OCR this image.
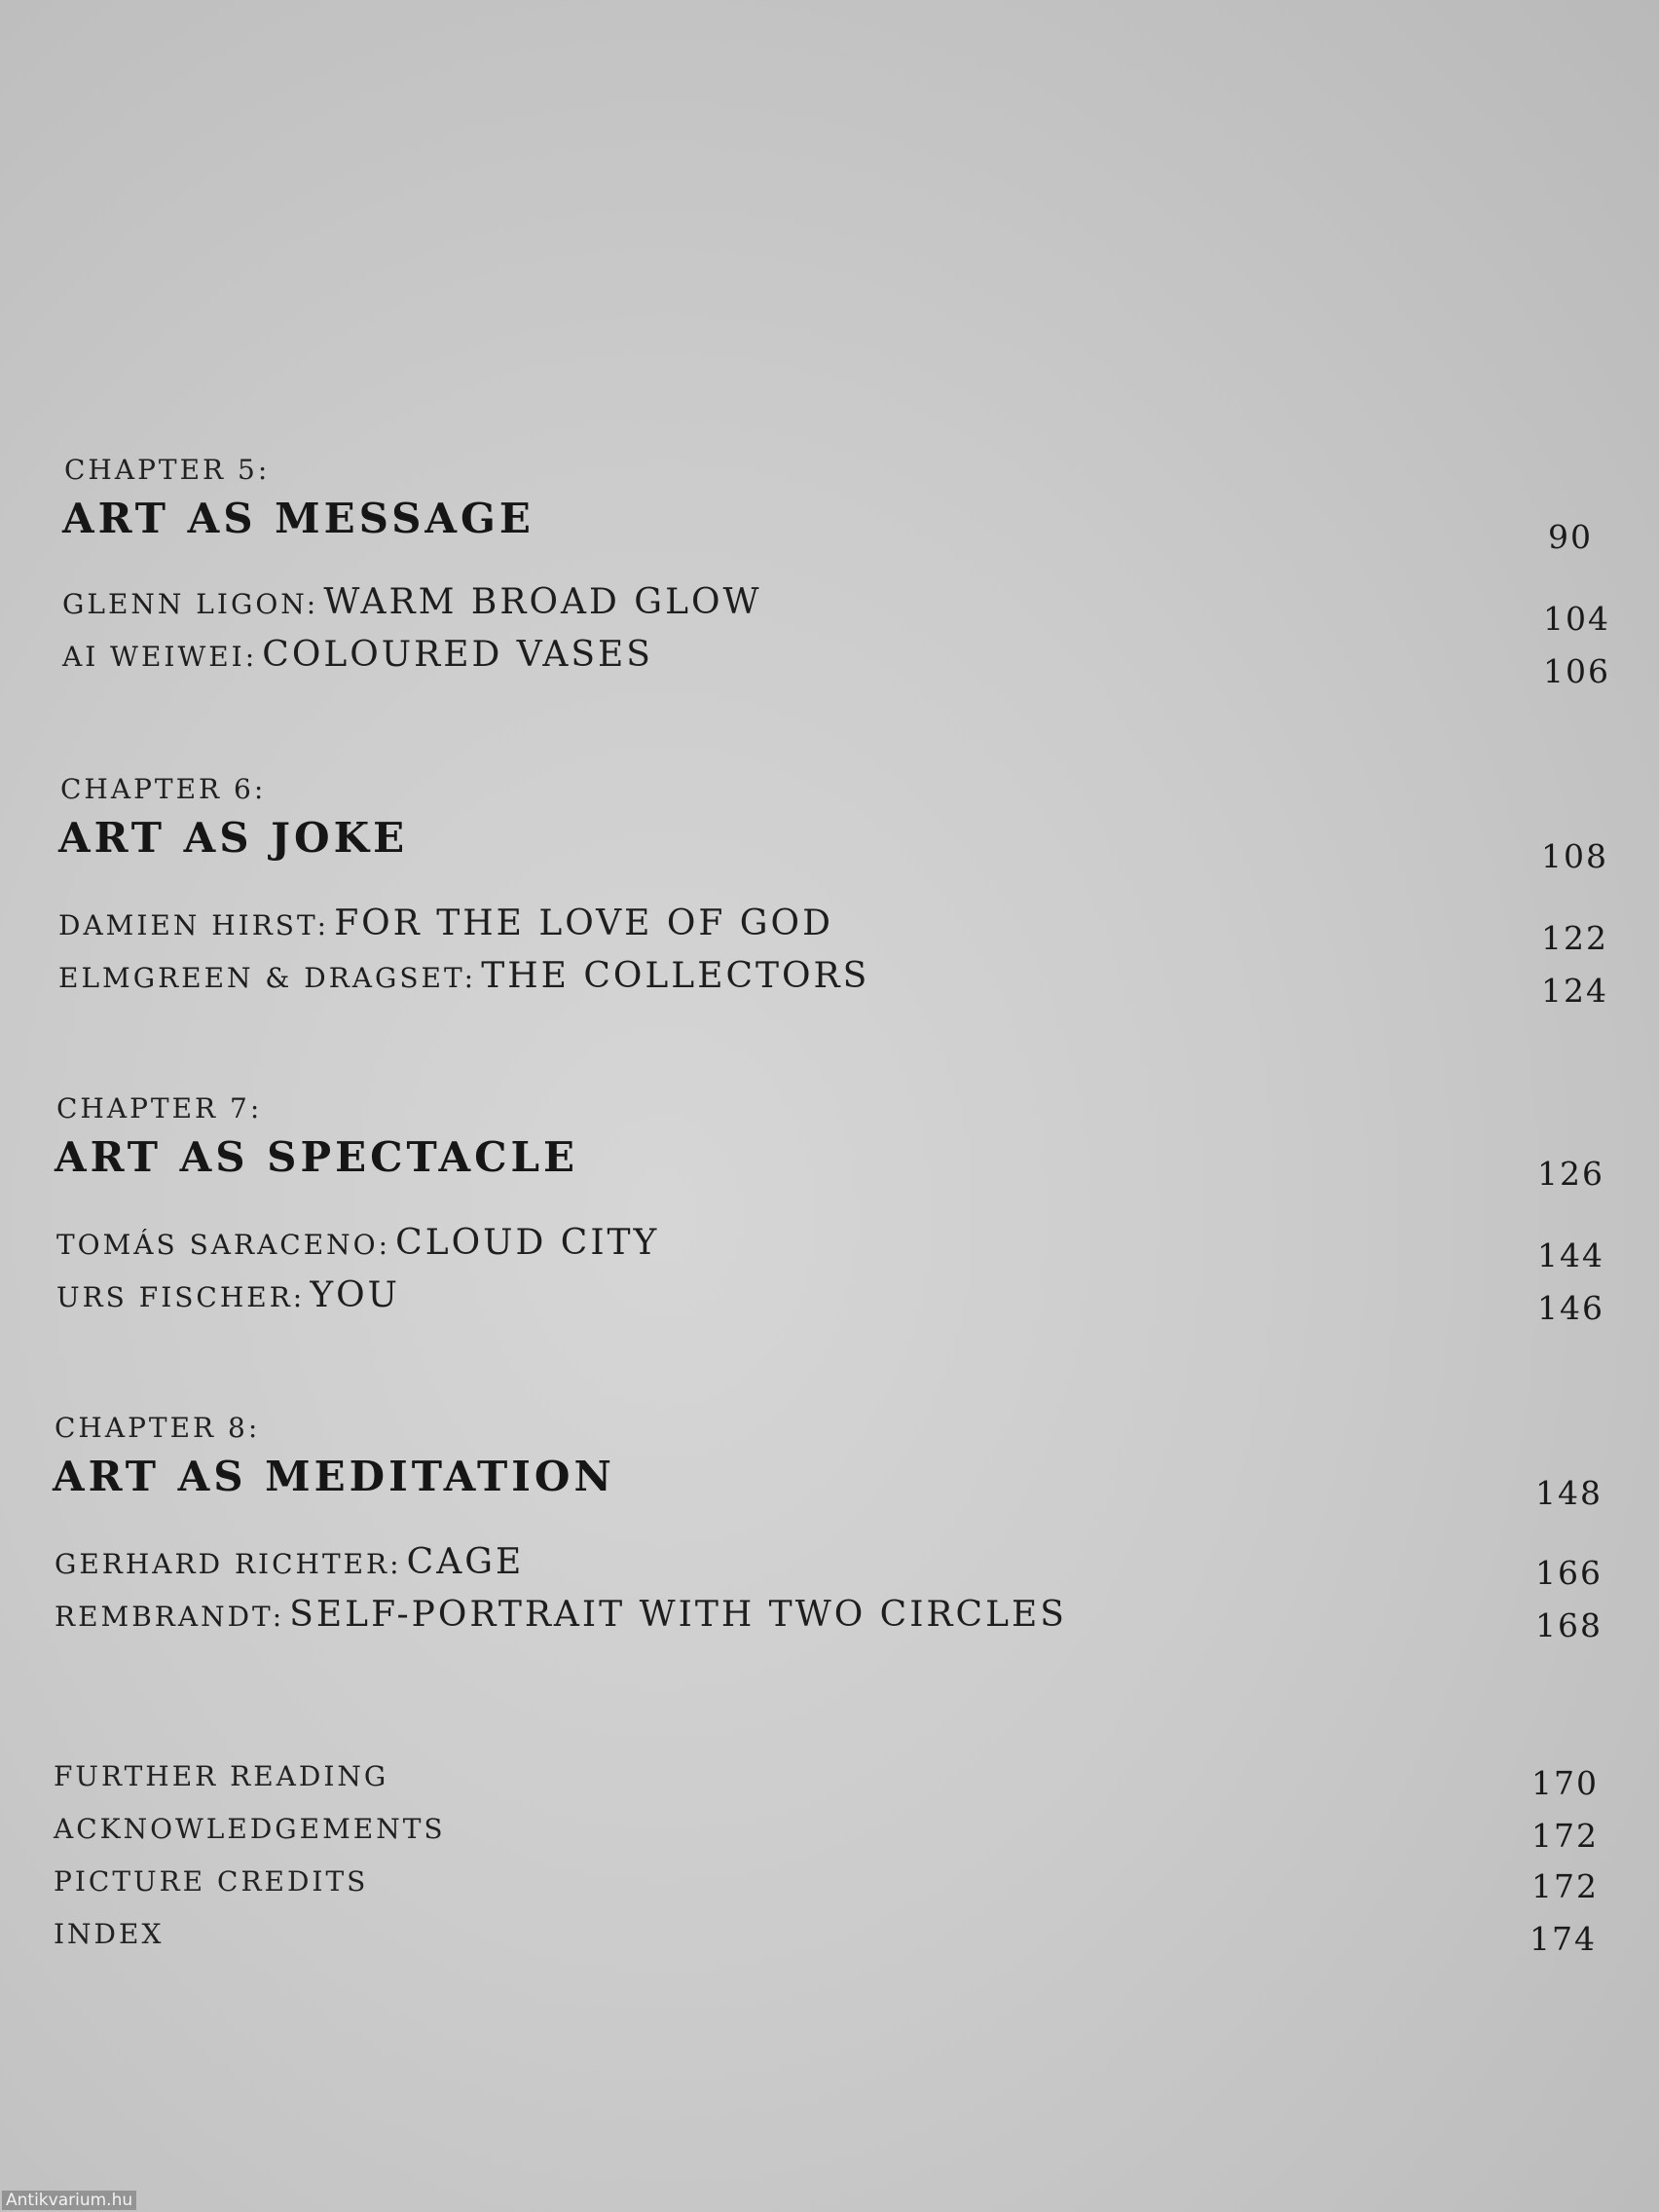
CHAPTER 5:
ART AS MESSAGE	90
GLENN LIGON: WARM BROAD GLOW	104
AI WEIWEI: COLOURED VASES	106
CHAPTER 6:
ART AS JOKE	108
DAMIEN HIRST: FOR THE LOVE OF GOD	122
ELMGREEN & DRAGSET: THE COLLECTORS	124
CHAPTER 7:
ART AS SPECTACLE	126
TOMÁS SARACENO: CLOUD CITY	144
URS FISCHER: YOU	146
CHAPTER 8:
ART AS MEDITATION	148
GERHARD RICHTER: CAGE	166
REMBRANDT: SELF-PORTRAIT WITH TWO CIRCLES	168
FURTHER READING	170
ACKNOWLEDGEMENTS	172
PICTURE CREDITS	172
INDEX	174
Antikvarium.hu
